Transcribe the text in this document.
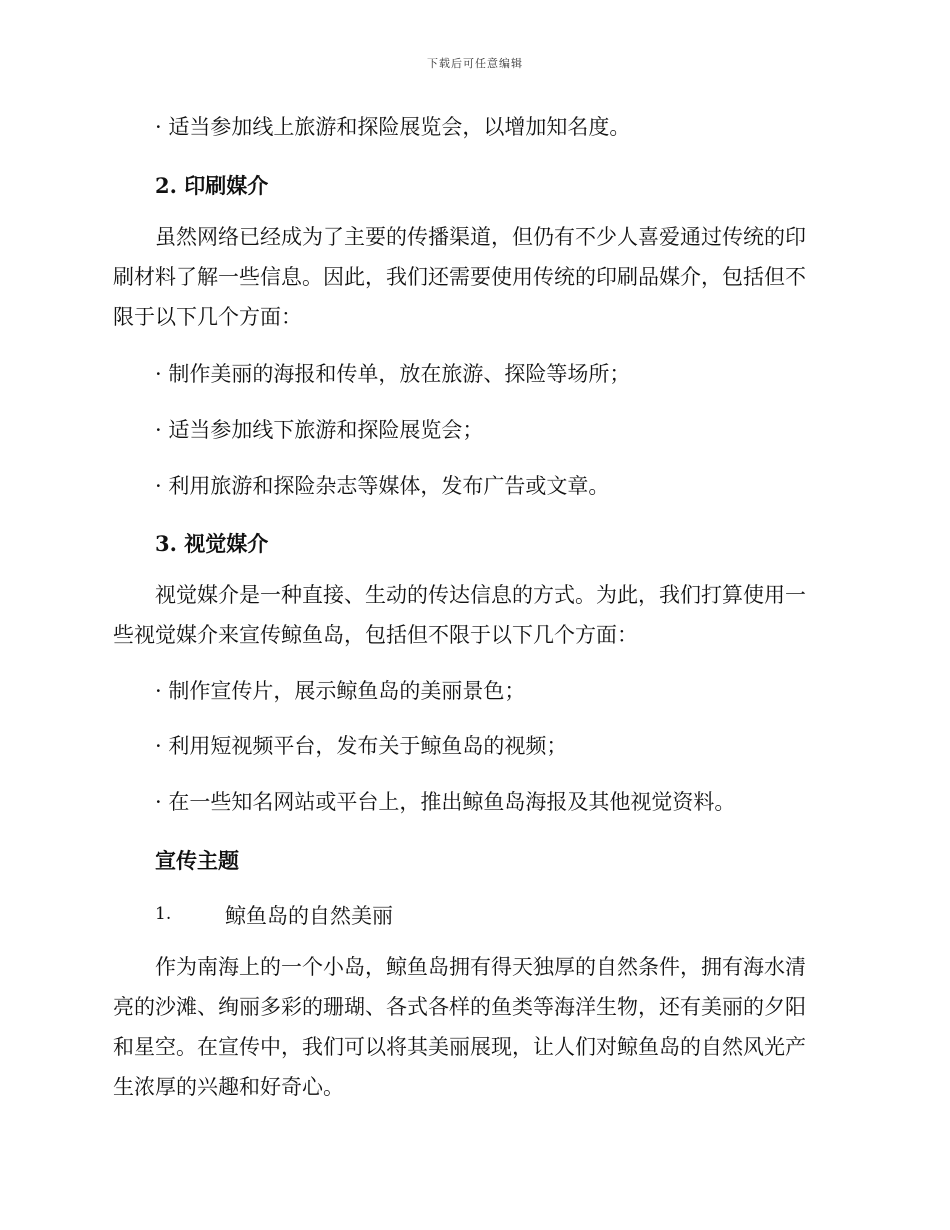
下载后可任意编辑
· 适当参加线上旅游和探险展览会，以增加知名度。
2. 印刷媒介
虽然网络已经成为了主要的传播渠道，但仍有不少人喜爱通过传统的印
刷材料了解一些信息。因此，我们还需要使用传统的印刷品媒介，包括但不
限于以下几个方面：
· 制作美丽的海报和传单，放在旅游、探险等场所；
· 适当参加线下旅游和探险展览会；
· 利用旅游和探险杂志等媒体，发布广告或文章。
3. 视觉媒介
视觉媒介是一种直接、生动的传达信息的方式。为此，我们打算使用一
些视觉媒介来宣传鲸鱼岛，包括但不限于以下几个方面：
· 制作宣传片，展示鲸鱼岛的美丽景色；
· 利用短视频平台，发布关于鲸鱼岛的视频；
· 在一些知名网站或平台上，推出鲸鱼岛海报及其他视觉资料。
宣传主题
1.	鲸鱼岛的自然美丽
作为南海上的一个小岛，鲸鱼岛拥有得天独厚的自然条件，拥有海水清
亮的沙滩、绚丽多彩的珊瑚、各式各样的鱼类等海洋生物，还有美丽的夕阳
和星空。在宣传中，我们可以将其美丽展现，让人们对鲸鱼岛的自然风光产
生浓厚的兴趣和好奇心。
